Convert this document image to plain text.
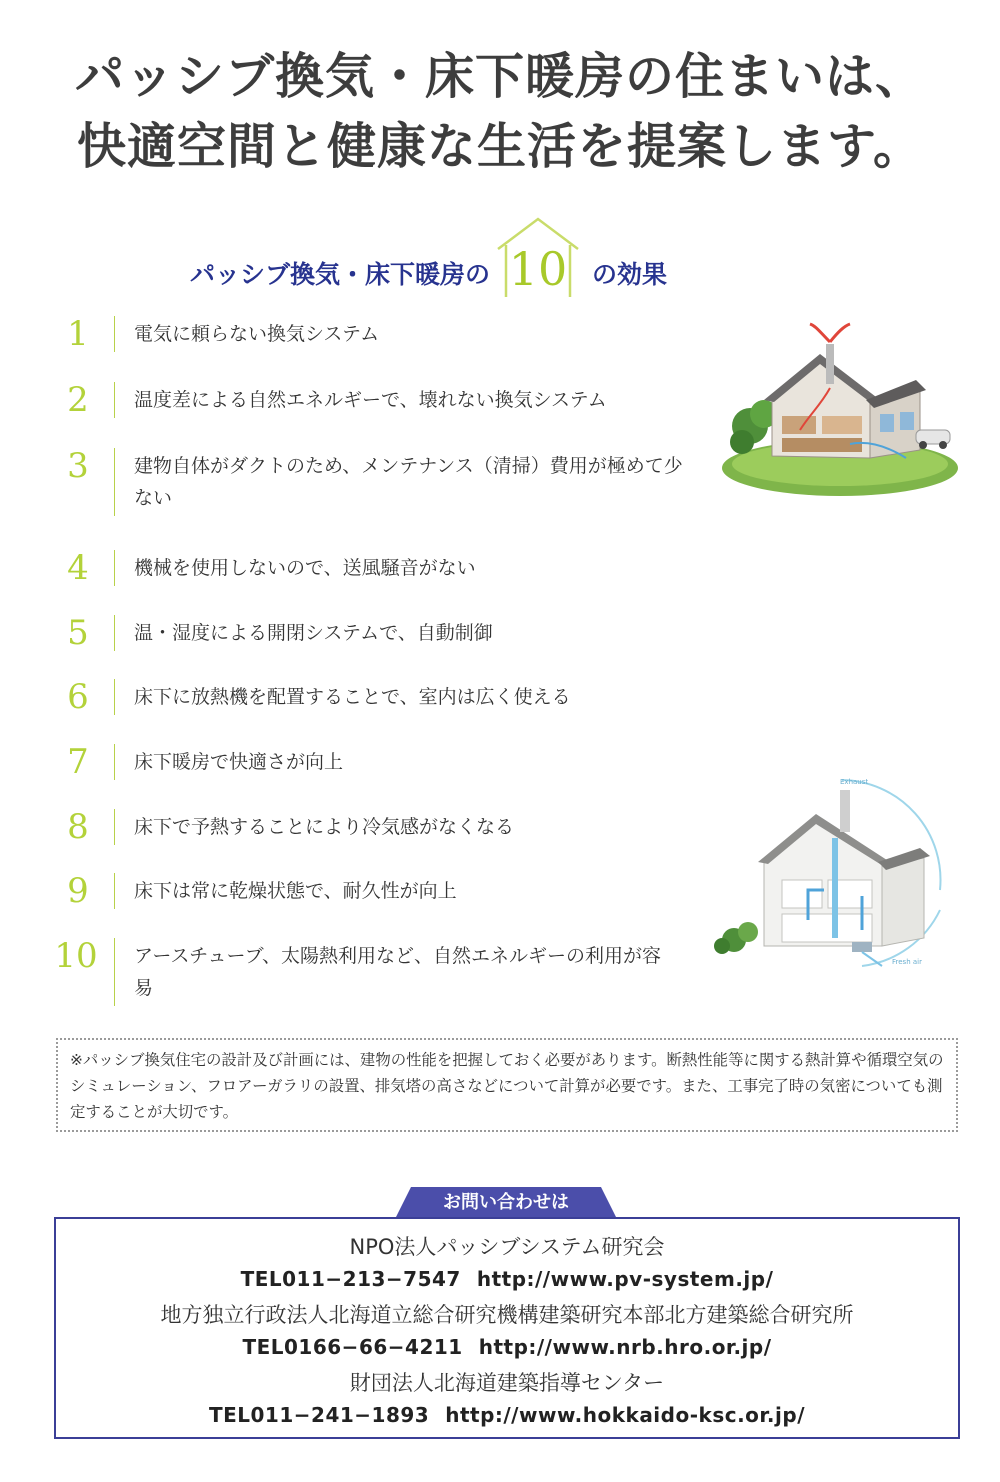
パッシブ換気・床下暖房の住まいは、
快適空間と健康な生活を提案します。
パッシブ換気・床下暖房の 10 の効果
1	電気に頼らない換気システム
2	温度差による自然エネルギーで、壊れない換気システム
3	建物自体がダクトのため、メンテナンス（清掃）費用が極めて少ない
4	機械を使用しないので、送風騒音がない
5	温・湿度による開閉システムで、自動制御
6	床下に放熱機を配置することで、室内は広く使える
7	床下暖房で快適さが向上
8	床下で予熱することにより冷気感がなくなる
9	床下は常に乾燥状態で、耐久性が向上
10	アースチューブ、太陽熱利用など、自然エネルギーの利用が容易
Exhaust
Fresh air
※パッシブ換気住宅の設計及び計画には、建物の性能を把握しておく必要があります。断熱性能等に関する熱計算や循環空気のシミュレーション、フロアーガラリの設置、排気塔の高さなどについて計算が必要です。また、工事完了時の気密についても測定することが大切です。
お問い合わせは
NPO法人パッシブシステム研究会
TEL011−213−7547 http://www.pv-system.jp/
地方独立行政法人北海道立総合研究機構建築研究本部北方建築総合研究所
TEL0166−66−4211 http://www.nrb.hro.or.jp/
財団法人北海道建築指導センター
TEL011−241−1893 http://www.hokkaido-ksc.or.jp/
